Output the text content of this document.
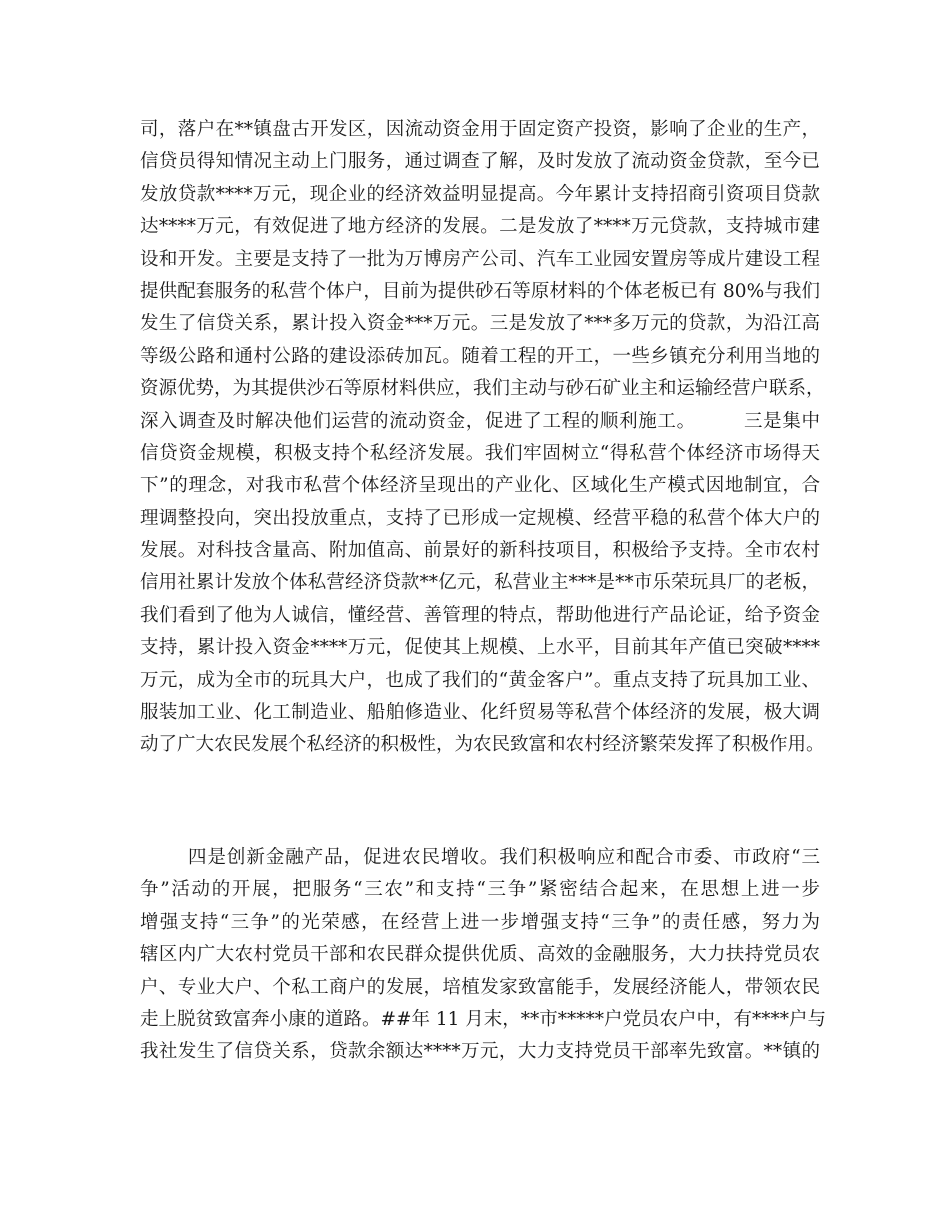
司，落户在**镇盘古开发区，因流动资金用于固定资产投资，影响了企业的生产，
信贷员得知情况主动上门服务，通过调查了解，及时发放了流动资金贷款，至今已
发放贷款****万元，现企业的经济效益明显提高。今年累计支持招商引资项目贷款
达****万元，有效促进了地方经济的发展。二是发放了****万元贷款，支持城市建
设和开发。主要是支持了一批为万博房产公司、汽车工业园安置房等成片建设工程
提供配套服务的私营个体户，目前为提供砂石等原材料的个体老板已有 80%与我们
发生了信贷关系，累计投入资金***万元。三是发放了***多万元的贷款，为沿江高
等级公路和通村公路的建设添砖加瓦。随着工程的开工，一些乡镇充分利用当地的
资源优势，为其提供沙石等原材料供应，我们主动与砂石矿业主和运输经营户联系，
深入调查及时解决他们运营的流动资金，促进了工程的顺利施工。　　　三是集中
信贷资金规模，积极支持个私经济发展。我们牢固树立“得私营个体经济市场得天
下”的理念，对我市私营个体经济呈现出的产业化、区域化生产模式因地制宜，合
理调整投向，突出投放重点，支持了已形成一定规模、经营平稳的私营个体大户的
发展。对科技含量高、附加值高、前景好的新科技项目，积极给予支持。全市农村
信用社累计发放个体私营经济贷款**亿元，私营业主***是**市乐荣玩具厂的老板，
我们看到了他为人诚信，懂经营、善管理的特点，帮助他进行产品论证，给予资金
支持，累计投入资金****万元，促使其上规模、上水平，目前其年产值已突破****
万元，成为全市的玩具大户，也成了我们的“黄金客户”。重点支持了玩具加工业、
服装加工业、化工制造业、船舶修造业、化纤贸易等私营个体经济的发展，极大调
动了广大农民发展个私经济的积极性，为农民致富和农村经济繁荣发挥了积极作用。
四是创新金融产品，促进农民增收。我们积极响应和配合市委、市政府“三
争”活动的开展，把服务“三农”和支持“三争”紧密结合起来，在思想上进一步
增强支持“三争”的光荣感，在经营上进一步增强支持“三争”的责任感，努力为
辖区内广大农村党员干部和农民群众提供优质、高效的金融服务，大力扶持党员农
户、专业大户、个私工商户的发展，培植发家致富能手，发展经济能人，带领农民
走上脱贫致富奔小康的道路。##年 11 月末，**市*****户党员农户中，有****户与
我社发生了信贷关系，贷款余额达****万元，大力支持党员干部率先致富。**镇的
